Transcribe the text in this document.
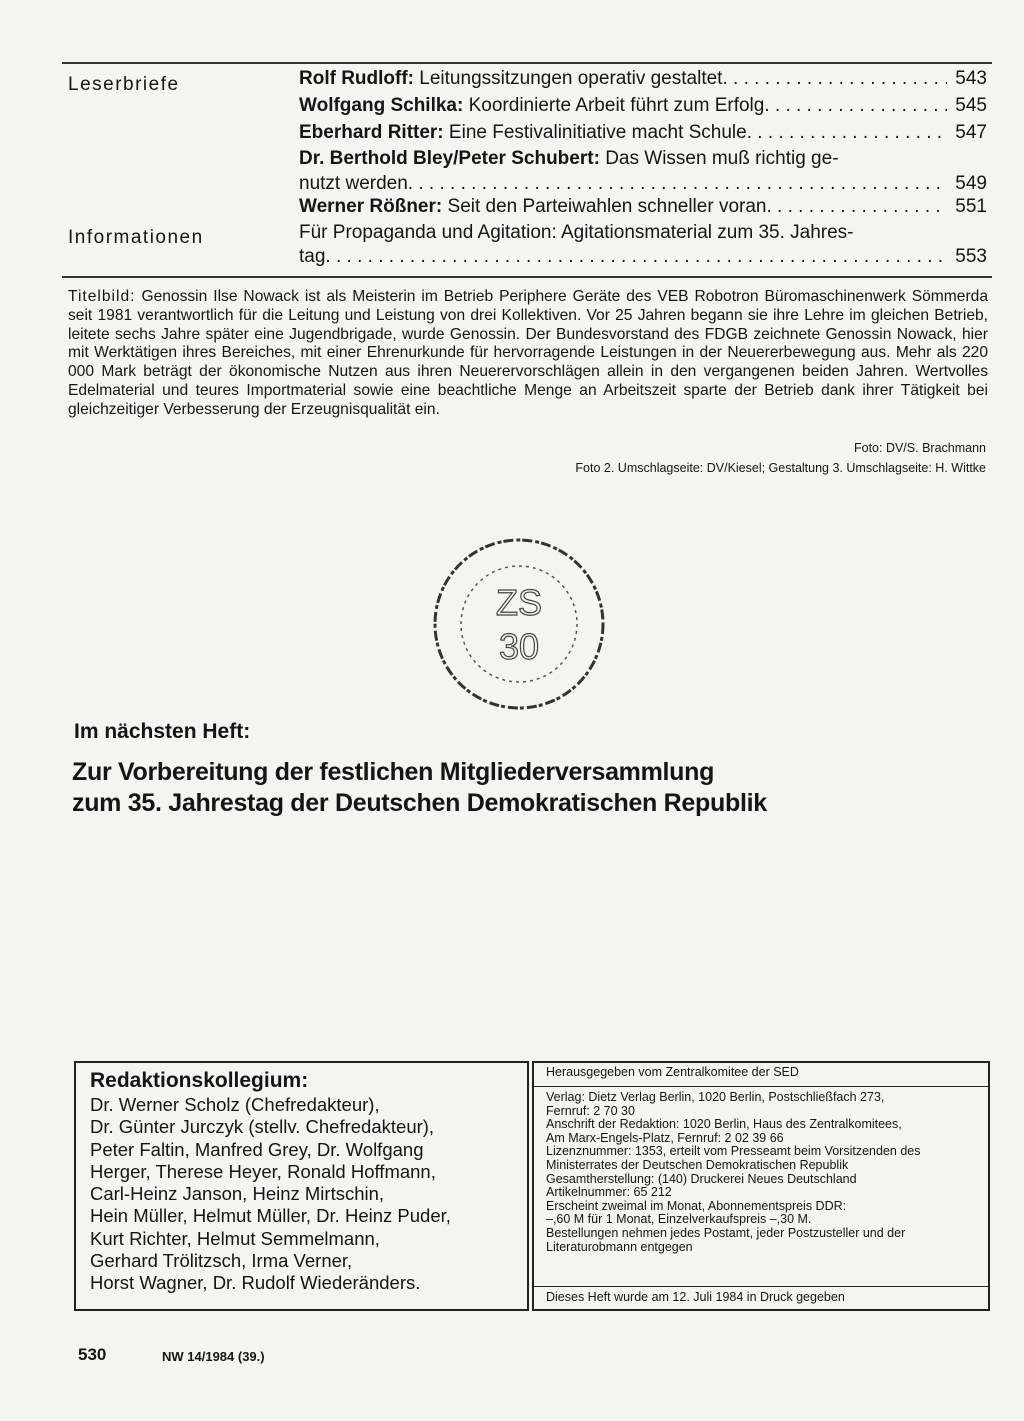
Leserbriefe
Informationen
Rolf Rudloff:
Leitungssitzungen operativ gestaltet . . .	543
Wolfgang Schilka:
Koordinierte Arbeit führt zum Erfolg . . .	545
Eberhard Ritter:
Eine Festivalinitiative macht Schule . . .	547
Dr. Berthold Bley/Peter Schubert: Das Wissen muß richtig ge-
nutzt werden . . .	549
Werner Rößner:
Seit den Parteiwahlen schneller voran . . .	551
Für Propaganda und Agitation: Agitationsmaterial zum 35. Jahres-
tag . . .	553
Titelbild: Genossin Ilse Nowack ist als Meisterin im Betrieb Periphere Geräte des VEB Robotron Büromaschinenwerk Sömmerda seit 1981 verantwortlich für die Leitung und Leistung von drei Kollektiven. Vor 25 Jahren begann sie ihre Lehre im gleichen Betrieb, leitete sechs Jahre später eine Jugendbrigade, wurde Genossin. Der Bundesvorstand des FDGB zeichnete Genossin Nowack, hier mit Werktätigen ihres Bereiches, mit einer Ehrenurkunde für hervorragende Leistungen in der Neuererbewegung aus. Mehr als 220 000 Mark beträgt der ökonomische Nutzen aus ihren Neuerervorschlägen allein in den vergangenen beiden Jahren. Wertvolles Edelmaterial und teures Importmaterial sowie eine beachtliche Menge an Arbeitszeit sparte der Betrieb dank ihrer Tätigkeit bei gleichzeitiger Verbesserung der Erzeugnisqualität ein.
Foto: DV/S. Brachmann
Foto 2. Umschlagseite: DV/Kiesel; Gestaltung 3. Umschlagseite: H. Wittke
ZS
30
Im nächsten Heft:
Zur Vorbereitung der festlichen Mitgliederversammlung
zum 35. Jahrestag der Deutschen Demokratischen Republik
Redaktionskollegium:
Dr. Werner Scholz (Chefredakteur),
Dr. Günter Jurczyk (stellv. Chefredakteur),
Peter Faltin, Manfred Grey, Dr. Wolfgang
Herger, Therese Heyer, Ronald Hoffmann,
Carl-Heinz Janson, Heinz Mirtschin,
Hein Müller, Helmut Müller, Dr. Heinz Puder,
Kurt Richter, Helmut Semmelmann,
Gerhard Trölitzsch, Irma Verner,
Horst Wagner, Dr. Rudolf Wiederänders.
Herausgegeben vom Zentralkomitee der SED
Verlag: Dietz Verlag Berlin, 1020 Berlin, Postschließfach 273,
Fernruf: 2 70 30
Anschrift der Redaktion: 1020 Berlin, Haus des Zentralkomitees,
Am Marx-Engels-Platz, Fernruf: 2 02 39 66
Lizenznummer: 1353, erteilt vom Presseamt beim Vorsitzenden des
Ministerrates der Deutschen Demokratischen Republik
Gesamtherstellung: (140) Druckerei Neues Deutschland
Artikelnummer: 65 212
Erscheint zweimal im Monat, Abonnementspreis DDR:
–,60 M für 1 Monat, Einzelverkaufspreis –,30 M.
Bestellungen nehmen jedes Postamt, jeder Postzusteller und der
Literaturobmann entgegen
Dieses Heft wurde am 12. Juli 1984 in Druck gegeben
530	NW 14/1984 (39.)
